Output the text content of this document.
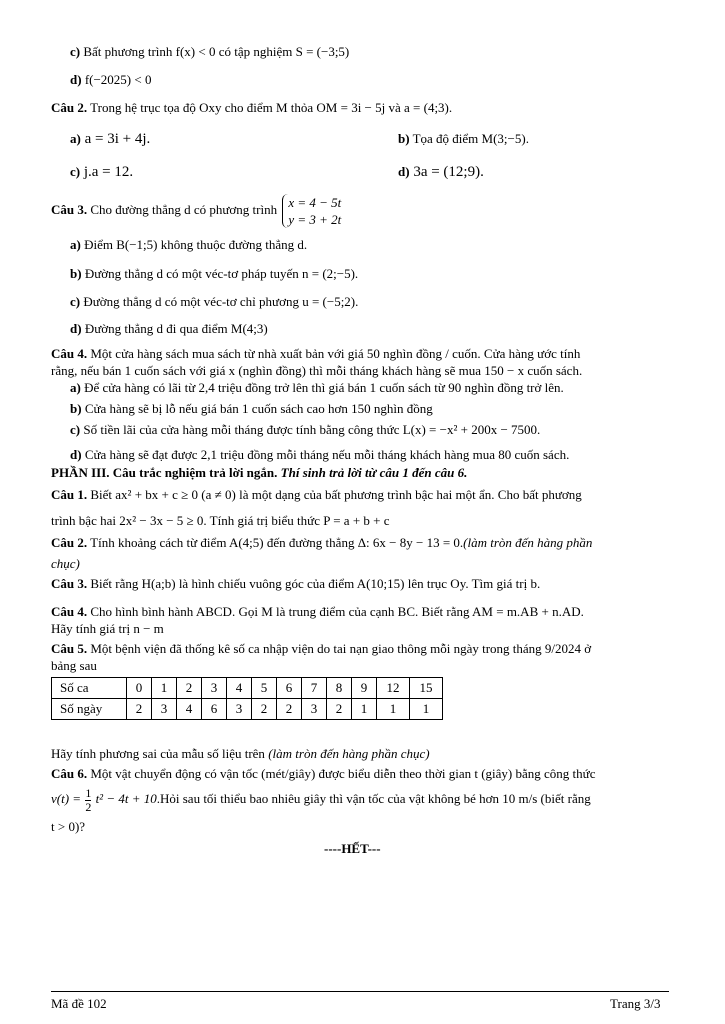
c) Bất phương trình f(x) < 0 có tập nghiệm S = (−3;5)
d) f(−2025) < 0
Câu 2. Trong hệ trục tọa độ Oxy cho điểm M thỏa OM = 3i − 5j và a = (4;3).
a) a = 3i + 4j.	b) Tọa độ điểm M(3;−5).
c) j.a = 12.	d) 3a = (12;9).
Câu 3. Cho đường thẳng d có phương trình x = 4 − 5t
y = 3 + 2t
a) Điểm B(−1;5) không thuộc đường thẳng d.
b) Đường thẳng d có một véc-tơ pháp tuyến n = (2;−5).
c) Đường thẳng d có một véc-tơ chỉ phương u = (−5;2).
d) Đường thẳng d đi qua điểm M(4;3)
Câu 4. Một cửa hàng sách mua sách từ nhà xuất bản với giá 50 nghìn đồng / cuốn. Cửa hàng ước tính
rằng, nếu bán 1 cuốn sách với giá x (nghìn đồng) thì mỗi tháng khách hàng sẽ mua 150 − x cuốn sách.
a) Để cửa hàng có lãi từ 2,4 triệu đồng trở lên thì giá bán 1 cuốn sách từ 90 nghìn đồng trở lên.
b) Cửa hàng sẽ bị lỗ nếu giá bán 1 cuốn sách cao hơn 150 nghìn đồng
c) Số tiền lãi của cửa hàng mỗi tháng được tính bằng công thức L(x) = −x² + 200x − 7500.
d) Cửa hàng sẽ đạt được 2,1 triệu đồng mỗi tháng nếu mỗi tháng khách hàng mua 80 cuốn sách.
PHẦN III. Câu trắc nghiệm trả lời ngắn. Thí sinh trả lời từ câu 1 đến câu 6.
Câu 1. Biết ax² + bx + c ≥ 0 (a ≠ 0) là một dạng của bất phương trình bậc hai một ẩn. Cho bất phương
trình bậc hai 2x² − 3x − 5 ≥ 0. Tính giá trị biểu thức P = a + b + c
Câu 2. Tính khoảng cách từ điểm A(4;5) đến đường thẳng Δ: 6x − 8y − 13 = 0.(làm tròn đến hàng phần
chục)
Câu 3. Biết rằng H(a;b) là hình chiếu vuông góc của điểm A(10;15) lên trục Oy. Tìm giá trị b.
Câu 4. Cho hình bình hành ABCD. Gọi M là trung điểm của cạnh BC. Biết rằng AM = m.AB + n.AD.
Hãy tính giá trị n − m
Câu 5. Một bệnh viện đã thống kê số ca nhập viện do tai nạn giao thông mỗi ngày trong tháng 9/2024 ở
bảng sau
Số ca	0	1	2	3	4	5	6	7	8	9	12	15
Số ngày	2	3	4	6	3	2	2	3	2	1	1	1
Hãy tính phương sai của mẫu số liệu trên (làm tròn đến hàng phần chục)
Câu 6. Một vật chuyển động có vận tốc (mét/giây) được biểu diễn theo thời gian t (giây) bằng công thức
$v(t) = \frac{1}{2} t^2 - 4t$ + 10.Hỏi sau tối thiểu bao nhiêu giây thì vận tốc của vật không bé hơn 10 m/s (biết rằng
t > 0)?
----HẾT---
Mã đề 102	Trang 3/3
